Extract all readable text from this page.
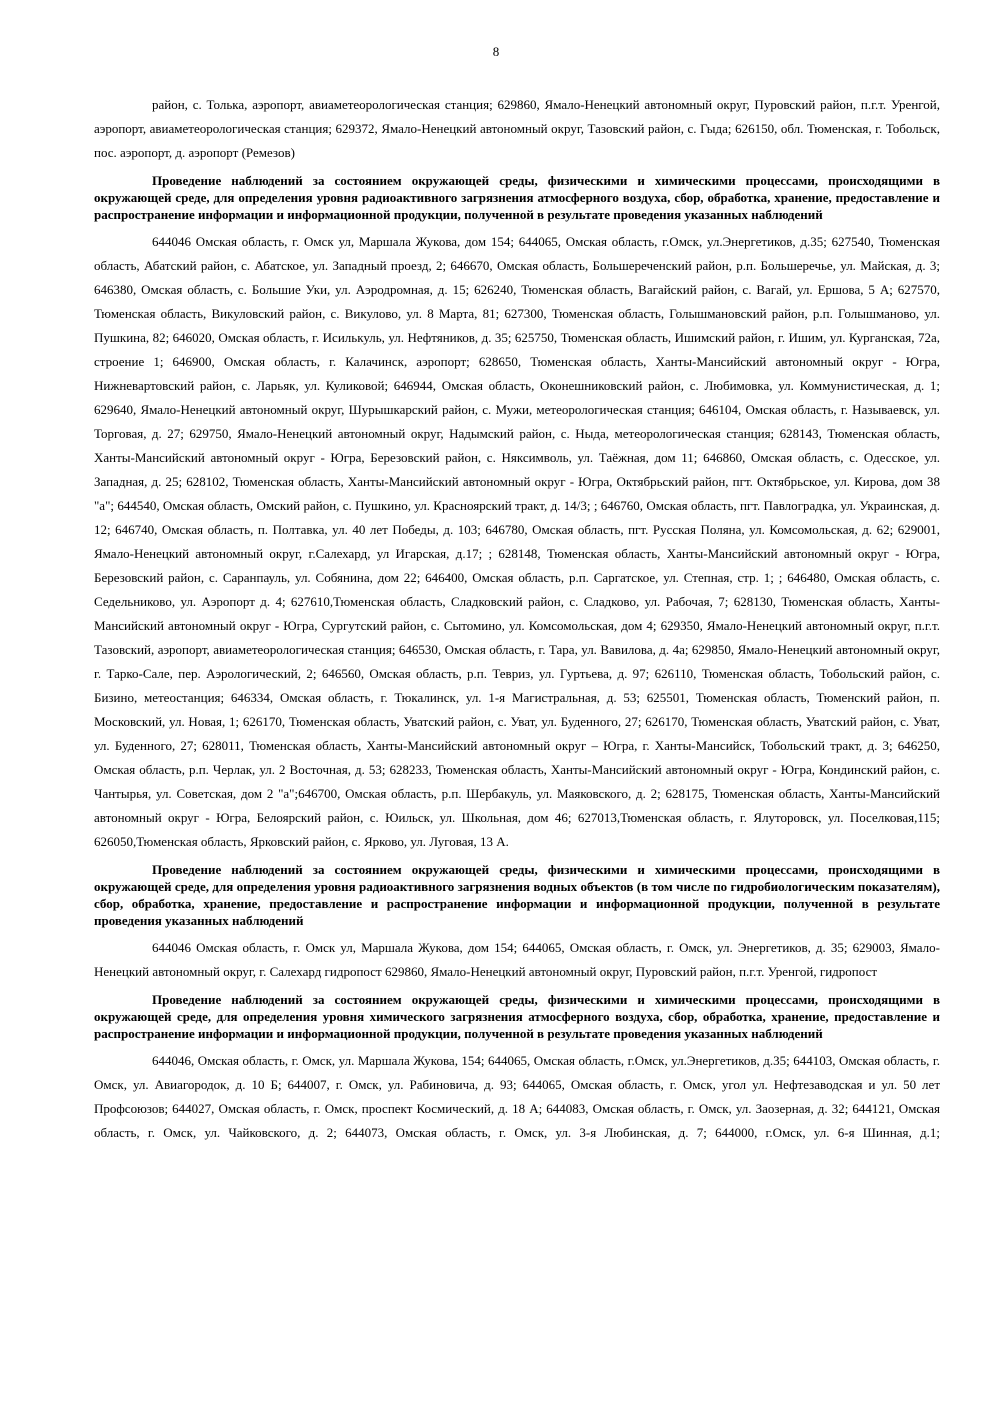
8

район, с. Толька, аэропорт, авиаметеорологическая станция; 629860, Ямало-Ненецкий автономный округ, Пуровский район, п.г.т. Уренгой, аэропорт, авиаметеорологическая станция; 629372, Ямало-Ненецкий автономный округ, Тазовский район, с. Гыда; 626150, обл. Тюменская, г. Тобольск, пос. аэропорт, д. аэропорт (Ремезов)

Проведение наблюдений за состоянием окружающей среды, физическими и химическими процессами, происходящими в окружающей среде, для определения уровня радиоактивного загрязнения атмосферного воздуха, сбор, обработка, хранение, предоставление и распространение информации и информационной продукции, полученной в результате проведения указанных наблюдений

644046 Омская область, г. Омск ул, Маршала Жукова, дом 154; 644065, Омская область, г.Омск, ул.Энергетиков, д.35; 627540, Тюменская область, Абатский район, с. Абатское, ул. Западный проезд, 2; 646670, Омская область, Большереченский район, р.п. Большеречье, ул. Майская, д. 3; 646380, Омская область, с. Большие Уки, ул. Аэродромная, д. 15; 626240, Тюменская область, Вагайский район, с. Вагай, ул. Ершова, 5 А; 627570, Тюменская область, Викуловский район, с. Викулово, ул. 8 Марта, 81; 627300, Тюменская область, Голышмановский район, р.п. Голышманово, ул. Пушкина, 82; 646020, Омская область, г. Исилькуль, ул. Нефтяников, д. 35; 625750, Тюменская область, Ишимский район, г. Ишим, ул. Курганская, 72а, строение 1; 646900, Омская область, г. Калачинск, аэропорт; 628650, Тюменская область, Ханты-Мансийский автономный округ - Югра, Нижневартовский район, с. Ларьяк, ул. Куликовой; 646944, Омская область, Оконешниковский район, с. Любимовка, ул. Коммунистическая, д. 1; 629640, Ямало-Ненецкий автономный округ, Шурышкарский район, с. Мужи, метеорологическая станция; 646104, Омская область, г. Называевск, ул. Торговая, д. 27; 629750, Ямало-Ненецкий автономный округ, Надымский район, с. Ныда, метеорологическая станция; 628143, Тюменская область, Ханты-Мансийский автономный округ - Югра, Березовский район, с. Няксимволь, ул. Таёжная, дом 11; 646860, Омская область, с. Одесское, ул. Западная, д. 25; 628102, Тюменская область, Ханты-Мансийский автономный округ - Югра, Октябрьский район, пгт. Октябрьское, ул. Кирова, дом 38 "а"; 644540, Омская область, Омский район, с. Пушкино, ул. Красноярский тракт, д. 14/3; ; 646760, Омская область, пгт. Павлоградка, ул. Украинская, д. 12; 646740, Омская область, п. Полтавка, ул. 40 лет Победы, д. 103; 646780, Омская область, пгт. Русская Поляна, ул. Комсомольская, д. 62; 629001, Ямало-Ненецкий автономный округ, г.Салехард, ул Игарская, д.17; ; 628148, Тюменская область, Ханты-Мансийский автономный округ - Югра, Березовский район, с. Саранпауль, ул. Собянина, дом 22; 646400, Омская область, р.п. Саргатское, ул. Степная, стр. 1; ; 646480, Омская область, с. Седельниково, ул. Аэропорт д. 4; 627610,Тюменская область, Сладковский район, с. Сладково, ул. Рабочая, 7; 628130, Тюменская область, Ханты-Мансийский автономный округ - Югра, Сургутский район, с. Сытомино, ул. Комсомольская, дом 4; 629350, Ямало-Ненецкий автономный округ, п.г.т. Тазовский, аэропорт, авиаметеорологическая станция; 646530, Омская область, г. Тара, ул. Вавилова, д. 4а; 629850, Ямало-Ненецкий автономный округ, г. Тарко-Сале, пер. Аэрологический, 2; 646560, Омская область, р.п. Тевриз, ул. Гуртьева, д. 97; 626110, Тюменская область, Тобольский район, с. Бизино, метеостанция; 646334, Омская область, г. Тюкалинск, ул. 1-я Магистральная, д. 53; 625501, Тюменская область, Тюменский район, п. Московский, ул. Новая, 1; 626170, Тюменская область, Уватский район, с. Уват, ул. Буденного, 27; 626170, Тюменская область, Уватский район, с. Уват, ул. Буденного, 27; 628011, Тюменская область, Ханты-Мансийский автономный округ – Югра, г. Ханты-Мансийск, Тобольский тракт, д. 3; 646250, Омская область, р.п. Черлак, ул. 2 Восточная, д. 53; 628233, Тюменская область, Ханты-Мансийский автономный округ - Югра, Кондинский район, с. Чантырья, ул. Советская, дом 2 "а";646700, Омская область, р.п. Шербакуль, ул. Маяковского, д. 2; 628175, Тюменская область, Ханты-Мансийский автономный округ - Югра, Белоярский район, с. Юильск, ул. Школьная, дом 46; 627013,Тюменская область, г. Ялуторовск, ул. Поселковая,115; 626050,Тюменская область, Ярковский район, с. Ярково, ул. Луговая, 13 А.

Проведение наблюдений за состоянием окружающей среды, физическими и химическими процессами, происходящими в окружающей среде, для определения уровня радиоактивного загрязнения водных объектов (в том числе по гидробиологическим показателям), сбор, обработка, хранение, предоставление и распространение информации и информационной продукции, полученной в результате проведения указанных наблюдений

644046 Омская область, г. Омск ул, Маршала Жукова, дом 154; 644065, Омская область, г. Омск, ул. Энергетиков, д. 35; 629003, Ямало-Ненецкий автономный округ, г. Салехард гидропост 629860, Ямало-Ненецкий автономный округ, Пуровский район, п.г.т. Уренгой, гидропост

Проведение наблюдений за состоянием окружающей среды, физическими и химическими процессами, происходящими в окружающей среде, для определения уровня химического загрязнения атмосферного воздуха, сбор, обработка, хранение, предоставление и распространение информации и информационной продукции, полученной в результате проведения указанных наблюдений

644046, Омская область, г. Омск, ул. Маршала Жукова, 154; 644065, Омская область, г.Омск, ул.Энергетиков, д.35; 644103, Омская область, г. Омск, ул. Авиагородок, д. 10 Б; 644007, г. Омск, ул. Рабиновича, д. 93; 644065, Омская область, г. Омск, угол ул. Нефтезаводская и ул. 50 лет Профсоюзов; 644027, Омская область, г. Омск, проспект Космический, д. 18 А; 644083, Омская область, г. Омск, ул. Заозерная, д. 32; 644121, Омская область, г. Омск, ул. Чайковского, д. 2; 644073, Омская область, г. Омск, ул. 3-я Любинская, д. 7; 644000, г.Омск, ул. 6-я Шинная, д.1;
